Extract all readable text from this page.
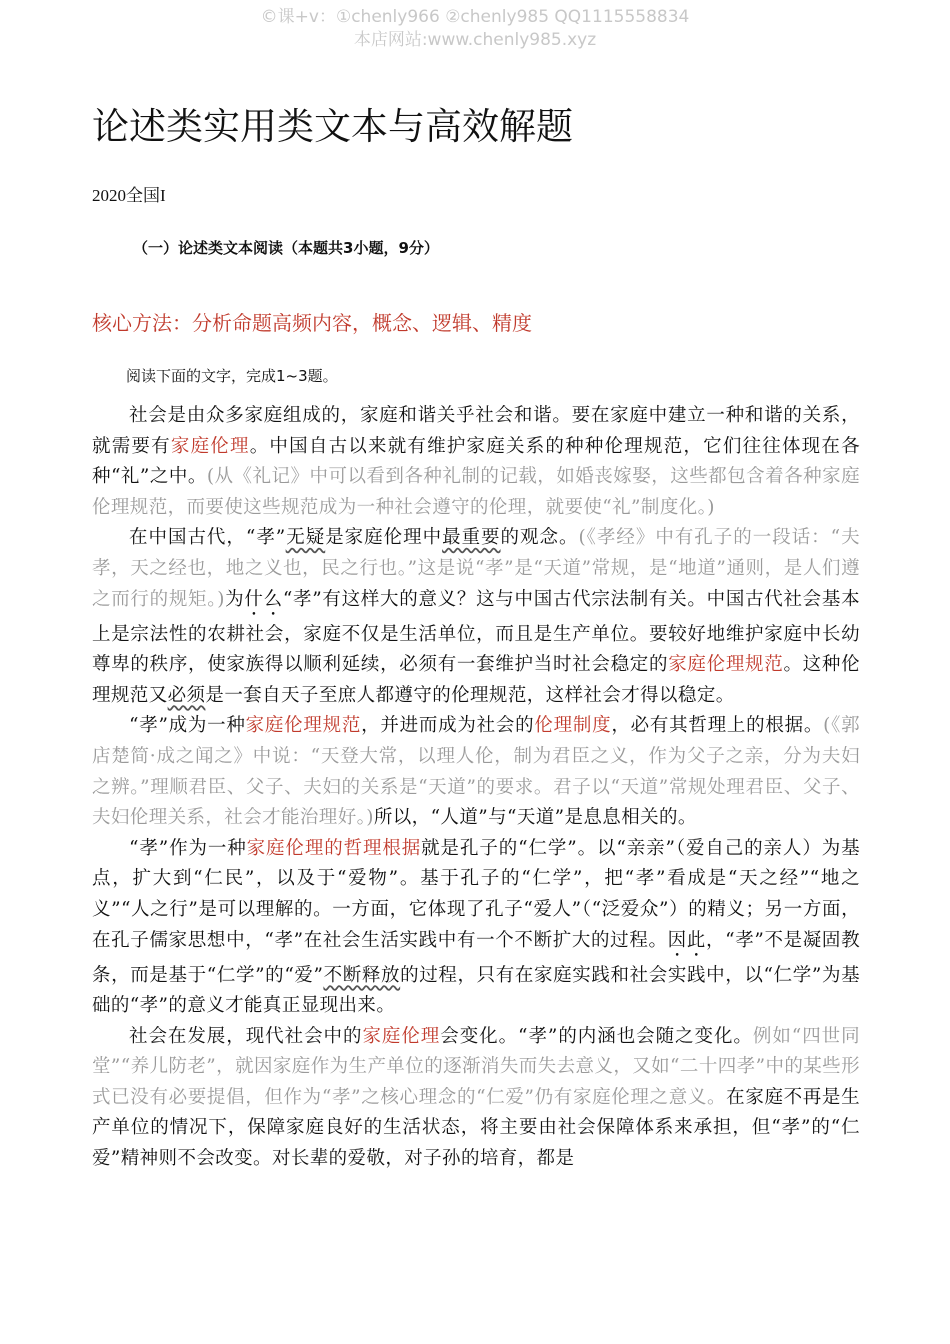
©课+v：①chenly966 ②chenly985 QQ1115558834
本店网站:www.chenly985.xyz
论述类实用类文本与高效解题
2020全国I
（一）论述类文本阅读（本题共3小题，9分）
核心方法：分析命题高频内容，概念、逻辑、精度
阅读下面的文字，完成1~3题。

社会是由众多家庭组成的，家庭和谐关乎社会和谐。要在家庭中建立一种和谐的关系，就需要有家庭伦理。中国自古以来就有维护家庭关系的种种伦理规范，它们往往体现在各种“礼”之中。(从《礼记》中可以看到各种礼制的记载，如婚丧嫁娶，这些都包含着各种家庭伦理规范，而要使这些规范成为一种社会遵守的伦理，就要使“礼”制度化。)

在中国古代，“孝”无疑是家庭伦理中最重要的观念。(《孝经》中有孔子的一段话：“夫孝，天之经也，地之义也，民之行也。”这是说“孝”是“天道”常规，是“地道”通则，是人们遵之而行的规矩。)为什么“孝”有这样大的意义？这与中国古代宗法制有关。中国古代社会基本上是宗法性的农耕社会，家庭不仅是生活单位，而且是生产单位。要较好地维护家庭中长幼尊卑的秩序，使家族得以顺利延续，必须有一套维护当时社会稳定的家庭伦理规范。这种伦理规范又必须是一套自天子至庶人都遵守的伦理规范，这样社会才得以稳定。

“孝”成为一种家庭伦理规范，并进而成为社会的伦理制度，必有其哲理上的根据。(《郭店楚简·成之闻之》中说：“天登大常，以理人伦，制为君臣之义，作为父子之亲，分为夫妇之辨。”理顺君臣、父子、夫妇的关系是“天道”的要求。君子以“天道”常规处理君臣、父子、夫妇伦理关系，社会才能治理好。)所以，“人道”与“天道”是息息相关的。

“孝”作为一种家庭伦理的哲理根据就是孔子的“仁学”。以“亲亲”（爱自己的亲人）为基点，扩大到“仁民”，以及于“爱物”。基于孔子的“仁学”，把“孝”看成是“天之经”“地之义”“人之行”是可以理解的。一方面，它体现了孔子“爱人”（“泛爱众”）的精义；另一方面，在孔子儒家思想中，“孝”在社会生活实践中有一个不断扩大的过程。因此，“孝”不是凝固教条，而是基于“仁学”的“爱”不断释放的过程，只有在家庭实践和社会实践中，以“仁学”为基础的“孝”的意义才能真正显现出来。

社会在发展，现代社会中的家庭伦理会变化。“孝”的内涵也会随之变化。例如“四世同堂”“养儿防老”，就因家庭作为生产单位的逐渐消失而失去意义，又如“二十四孝”中的某些形式已没有必要提倡，但作为“孝”之核心理念的“仁爱”仍有家庭伦理之意义。在家庭不再是生产单位的情况下，保障家庭良好的生活状态，将主要由社会保障体系来承担，但“孝”的“仁爱”精神则不会改变。对长辈的爱敬，对子孙的培育，都是
